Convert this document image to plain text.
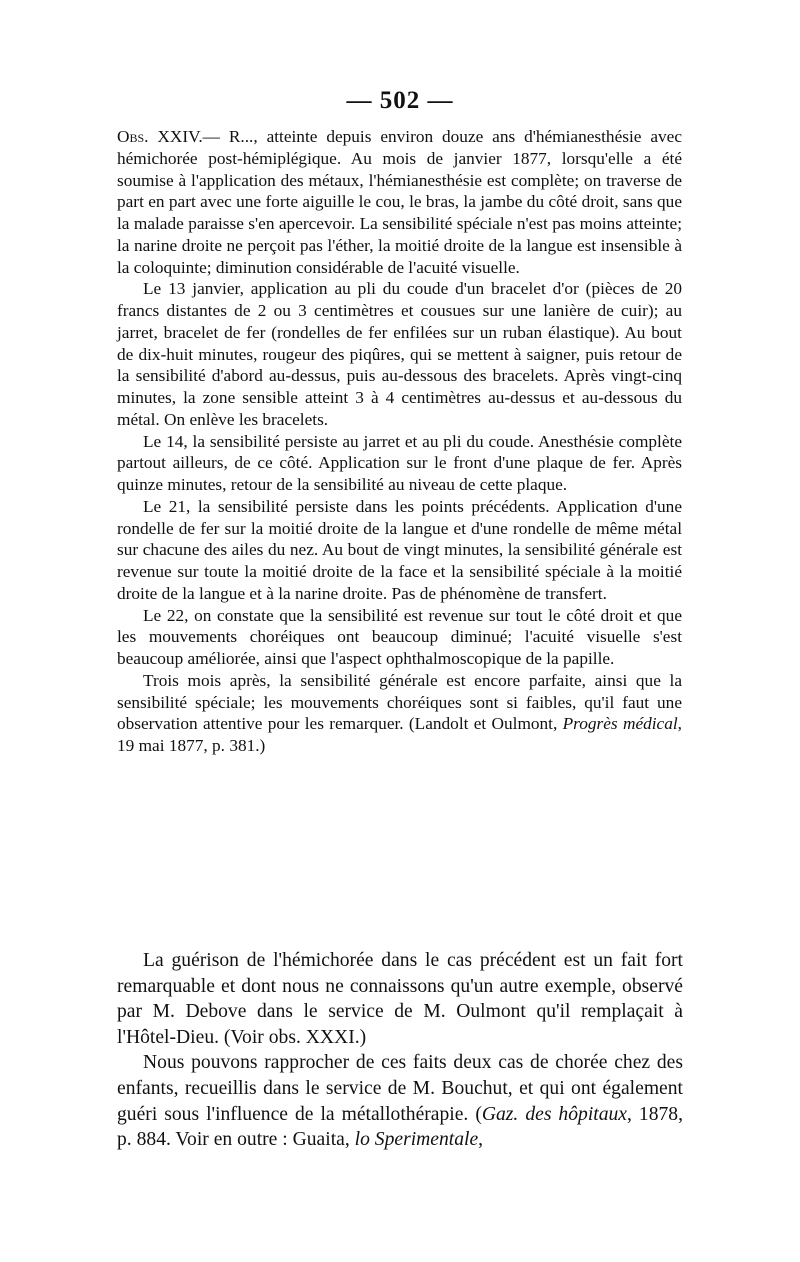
— 502 —

Obs. XXIV.— R..., atteinte depuis environ douze ans d'hémianesthésie avec hémichorée post-hémiplégique. Au mois de janvier 1877, lorsqu'elle a été soumise à l'application des métaux, l'hémianesthésie est complète; on traverse de part en part avec une forte aiguille le cou, le bras, la jambe du côté droit, sans que la malade paraisse s'en apercevoir. La sensibilité spéciale n'est pas moins atteinte; la narine droite ne perçoit pas l'éther, la moitié droite de la langue est insensible à la coloquinte; diminution considérable de l'acuité visuelle.

Le 13 janvier, application au pli du coude d'un bracelet d'or (pièces de 20 francs distantes de 2 ou 3 centimètres et cousues sur une lanière de cuir); au jarret, bracelet de fer (rondelles de fer enfilées sur un ruban élastique). Au bout de dix-huit minutes, rougeur des piqûres, qui se mettent à saigner, puis retour de la sensibilité d'abord au-dessus, puis au-dessous des bracelets. Après vingt-cinq minutes, la zone sensible atteint 3 à 4 centimètres au-dessus et au-dessous du métal. On enlève les bracelets.

Le 14, la sensibilité persiste au jarret et au pli du coude. Anesthésie complète partout ailleurs, de ce côté. Application sur le front d'une plaque de fer. Après quinze minutes, retour de la sensibilité au niveau de cette plaque.

Le 21, la sensibilité persiste dans les points précédents. Application d'une rondelle de fer sur la moitié droite de la langue et d'une rondelle de même métal sur chacune des ailes du nez. Au bout de vingt minutes, la sensibilité générale est revenue sur toute la moitié droite de la face et la sensibilité spéciale à la moitié droite de la langue et à la narine droite. Pas de phénomène de transfert.

Le 22, on constate que la sensibilité est revenue sur tout le côté droit et que les mouvements choréiques ont beaucoup diminué; l'acuité visuelle s'est beaucoup améliorée, ainsi que l'aspect ophthalmoscopique de la papille.

Trois mois après, la sensibilité générale est encore parfaite, ainsi que la sensibilité spéciale; les mouvements choréiques sont si faibles, qu'il faut une observation attentive pour les remarquer. (Landolt et Oulmont, Progrès médical, 19 mai 1877, p. 381.)

La guérison de l'hémichorée dans le cas précédent est un fait fort remarquable et dont nous ne connaissons qu'un autre exemple, observé par M. Debove dans le service de M. Oulmont qu'il remplaçait à l'Hôtel-Dieu. (Voir obs. XXXI.)

Nous pouvons rapprocher de ces faits deux cas de chorée chez des enfants, recueillis dans le service de M. Bouchut, et qui ont également guéri sous l'influence de la métallothérapie. (Gaz. des hôpitaux, 1878, p. 884. Voir en outre : Guaita, lo Sperimentale,
